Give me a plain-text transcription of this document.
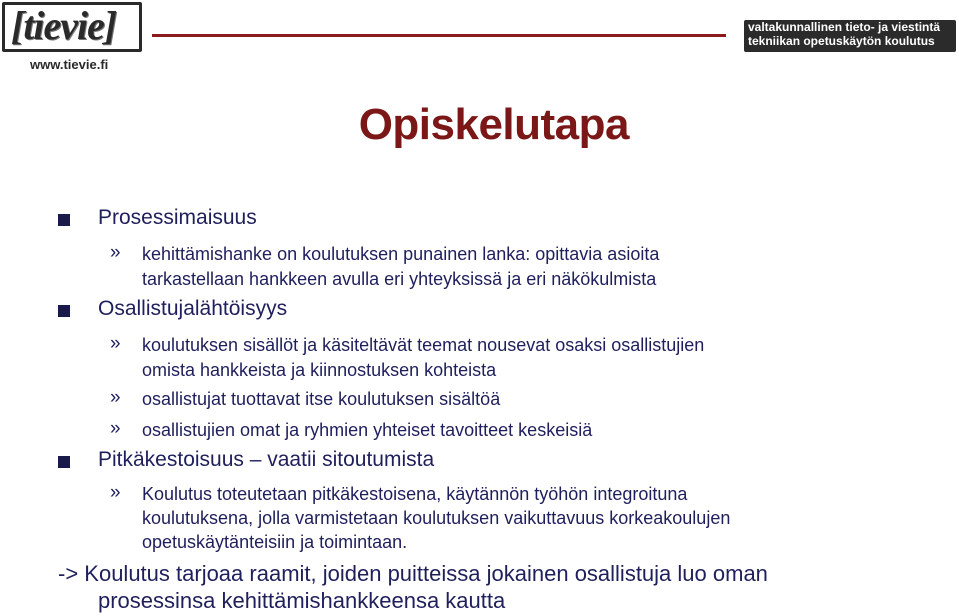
[tievie]
www.tievie.fi
valtakunnallinen tieto- ja viestintä
tekniikan opetuskäytön koulutus
Opiskelutapa
Prosessimaisuus
» kehittämishanke on koulutuksen punainen lanka: opittavia asioita
tarkastellaan hankkeen avulla eri yhteyksissä ja eri näkökulmista
Osallistujalähtöisyys
» koulutuksen sisällöt ja käsiteltävät teemat nousevat osaksi osallistujien
omista hankkeista ja kiinnostuksen kohteista
» osallistujat tuottavat itse koulutuksen sisältöä
» osallistujien omat ja ryhmien yhteiset tavoitteet keskeisiä
Pitkäkestoisuus – vaatii sitoutumista
» Koulutus toteutetaan pitkäkestoisena, käytännön työhön integroituna
koulutuksena, jolla varmistetaan koulutuksen vaikuttavuus korkeakoulujen
opetuskäytänteisiin ja toimintaan.
-> Koulutus tarjoaa raamit, joiden puitteissa jokainen osallistuja luo oman
prosessinsa kehittämishankkeensa kautta
